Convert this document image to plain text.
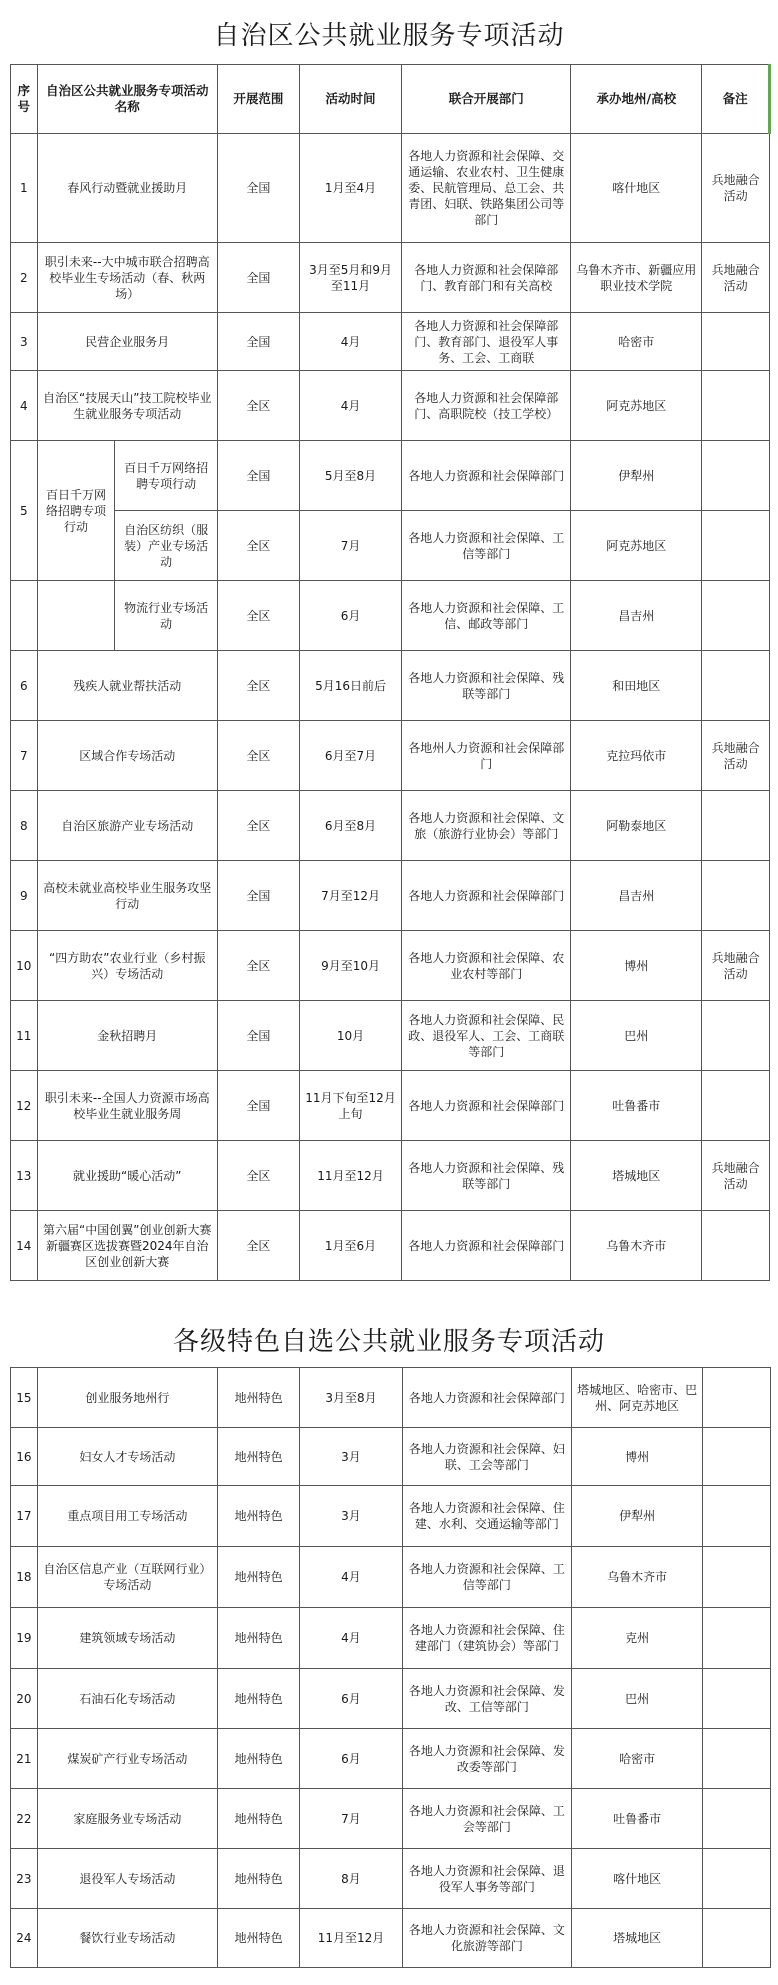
自治区公共就业服务专项活动
序号	自治区公共就业服务专项活动名称		开展范围	活动时间	联合开展部门	承办地州/高校	备注
1	春风行动暨就业援助月		全国	1月至4月	各地人力资源和社会保障、交通运输、农业农村、卫生健康委、民航管理局、总工会、共青团、妇联、铁路集团公司等部门	喀什地区	兵地融合活动
2	职引未来--大中城市联合招聘高校毕业生专场活动（春、秋两场）		全国	3月至5月和9月至11月	各地人力资源和社会保障部门、教育部门和有关高校	乌鲁木齐市、新疆应用职业技术学院	兵地融合活动
3	民营企业服务月		全国	4月	各地人力资源和社会保障部门、教育部门、退役军人事务、工会、工商联	哈密市	
4	自治区“技展天山”技工院校毕业生就业服务专项活动		全区	4月	各地人力资源和社会保障部门、高职院校（技工学校）	阿克苏地区	
5	百日千万网络招聘专项行动	百日千万网络招聘专项行动	全国	5月至8月	各地人力资源和社会保障部门	伊犁州	
		自治区纺织（服装）产业专场活动	全区	7月	各地人力资源和社会保障、工信等部门	阿克苏地区	
		物流行业专场活动	全区	6月	各地人力资源和社会保障、工信、邮政等部门	昌吉州	
6	残疾人就业帮扶活动		全区	5月16日前后	各地人力资源和社会保障、残联等部门	和田地区	
7	区域合作专场活动		全区	6月至7月	各地州人力资源和社会保障部门	克拉玛依市	兵地融合活动
8	自治区旅游产业专场活动		全区	6月至8月	各地人力资源和社会保障、文旅（旅游行业协会）等部门	阿勒泰地区	
9	高校未就业高校毕业生服务攻坚行动		全国	7月至12月	各地人力资源和社会保障部门	昌吉州	
10	“四方助农”农业行业（乡村振兴）专场活动		全区	9月至10月	各地人力资源和社会保障、农业农村等部门	博州	兵地融合活动
11	金秋招聘月		全国	10月	各地人力资源和社会保障、民政、退役军人、工会、工商联等部门	巴州	
12	职引未来--全国人力资源市场高校毕业生就业服务周		全国	11月下旬至12月上旬	各地人力资源和社会保障部门	吐鲁番市	
13	就业援助“暖心活动”		全区	11月至12月	各地人力资源和社会保障、残联等部门	塔城地区	兵地融合活动
14	第六届“中国创翼”创业创新大赛新疆赛区选拔赛暨2024年自治区创业创新大赛		全区	1月至6月	各地人力资源和社会保障部门	乌鲁木齐市	
各级特色自选公共就业服务专项活动
15	创业服务地州行	地州特色	3月至8月	各地人力资源和社会保障部门	塔城地区、哈密市、巴州、阿克苏地区	
16	妇女人才专场活动	地州特色	3月	各地人力资源和社会保障、妇联、工会等部门	博州	
17	重点项目用工专场活动	地州特色	3月	各地人力资源和社会保障、住建、水利、交通运输等部门	伊犁州	
18	自治区信息产业（互联网行业）专场活动	地州特色	4月	各地人力资源和社会保障、工信等部门	乌鲁木齐市	
19	建筑领域专场活动	地州特色	4月	各地人力资源和社会保障、住建部门（建筑协会）等部门	克州	
20	石油石化专场活动	地州特色	6月	各地人力资源和社会保障、发改、工信等部门	巴州	
21	煤炭矿产行业专场活动	地州特色	6月	各地人力资源和社会保障、发改委等部门	哈密市	
22	家庭服务业专场活动	地州特色	7月	各地人力资源和社会保障、工会等部门	吐鲁番市	
23	退役军人专场活动	地州特色	8月	各地人力资源和社会保障、退役军人事务等部门	喀什地区	
24	餐饮行业专场活动	地州特色	11月至12月	各地人力资源和社会保障、文化旅游等部门	塔城地区	
